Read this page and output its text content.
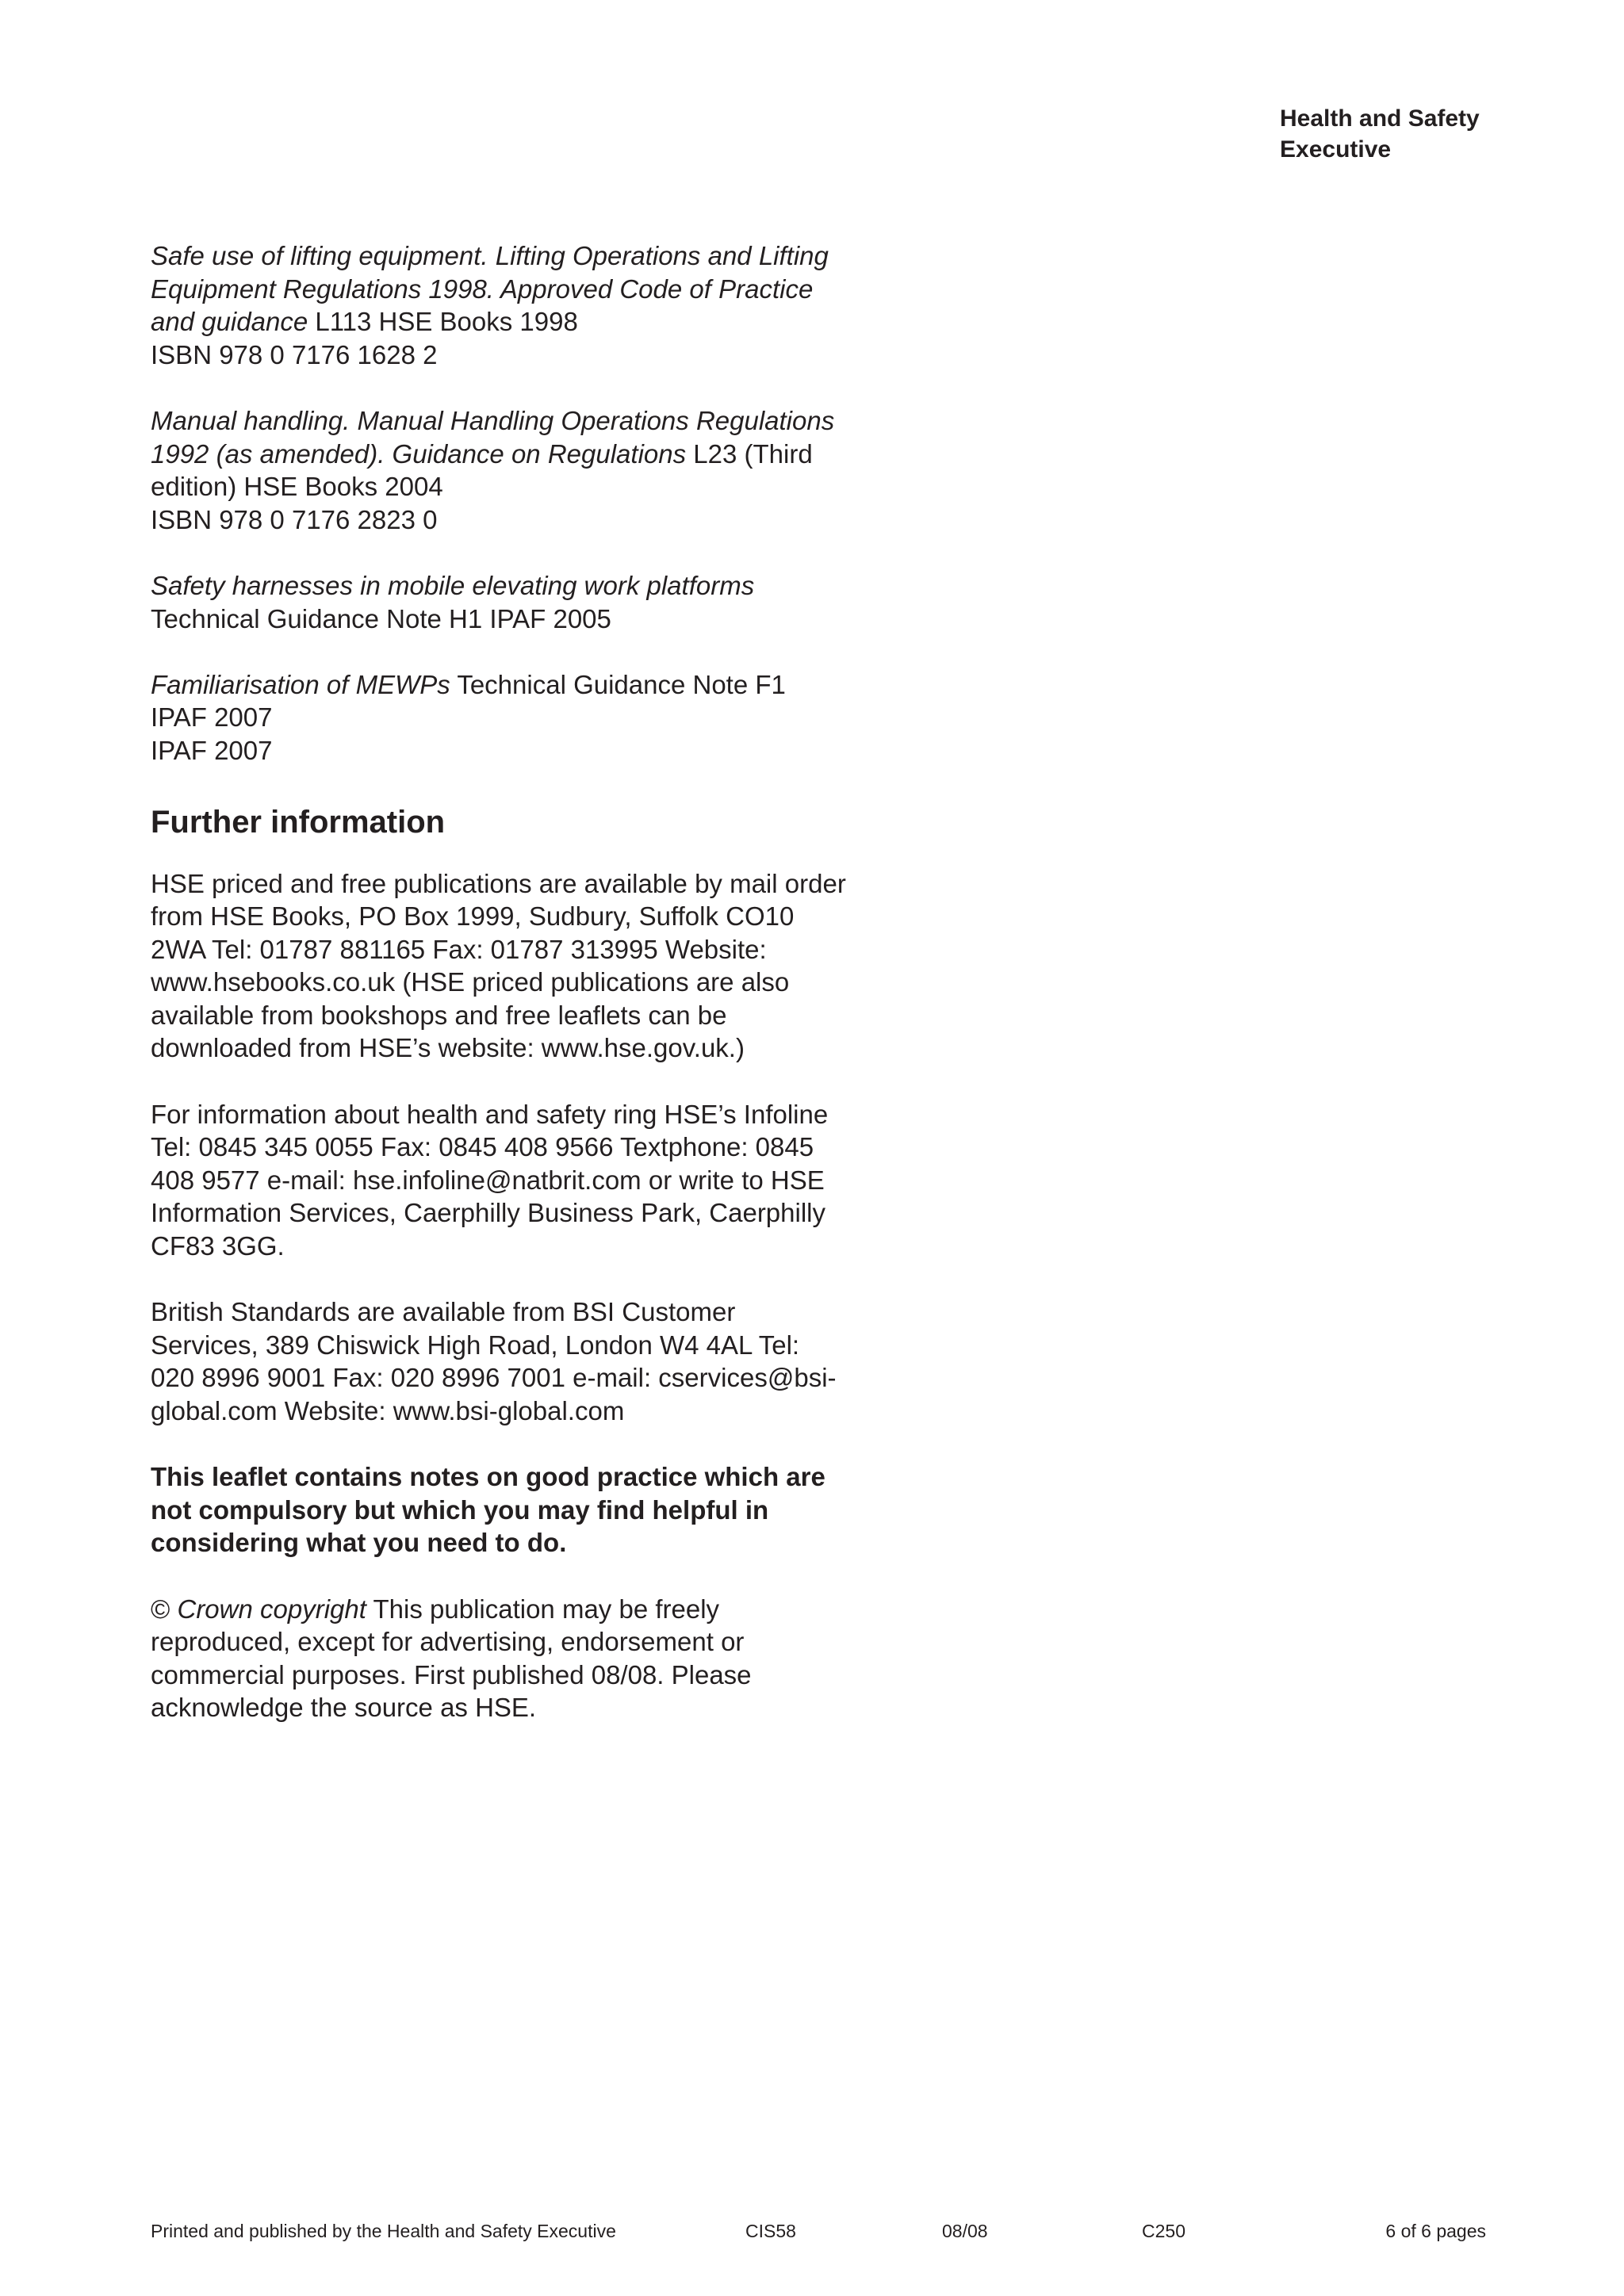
Health and Safety
Executive

Safe use of lifting equipment. Lifting Operations and Lifting Equipment Regulations 1998. Approved Code of Practice and guidance L113 HSE Books 1998
ISBN 978 0 7176 1628 2

Manual handling. Manual Handling Operations Regulations 1992 (as amended). Guidance on Regulations L23 (Third edition) HSE Books 2004
ISBN 978 0 7176 2823 0

Safety harnesses in mobile elevating work platforms
Technical Guidance Note H1 IPAF 2005

Familiarisation of MEWPs Technical Guidance Note F1 IPAF 2007
IPAF 2007

Further information

HSE priced and free publications are available by mail order from HSE Books, PO Box 1999, Sudbury, Suffolk CO10 2WA Tel: 01787 881165 Fax: 01787 313995 Website: www.hsebooks.co.uk (HSE priced publications are also available from bookshops and free leaflets can be downloaded from HSE’s website: www.hse.gov.uk.)

For information about health and safety ring HSE’s Infoline Tel: 0845 345 0055 Fax: 0845 408 9566 Textphone: 0845 408 9577 e-mail: hse.infoline@natbrit.com or write to HSE Information Services, Caerphilly Business Park, Caerphilly CF83 3GG.

British Standards are available from BSI Customer Services, 389 Chiswick High Road, London W4 4AL Tel: 020 8996 9001 Fax: 020 8996 7001 e-mail: cservices@bsi-global.com Website: www.bsi-global.com

This leaflet contains notes on good practice which are not compulsory but which you may find helpful in considering what you need to do.

© Crown copyright This publication may be freely reproduced, except for advertising, endorsement or commercial purposes. First published 08/08. Please acknowledge the source as HSE.

Printed and published by the Health and Safety Executive	CIS58	08/08	C250	6 of 6 pages
